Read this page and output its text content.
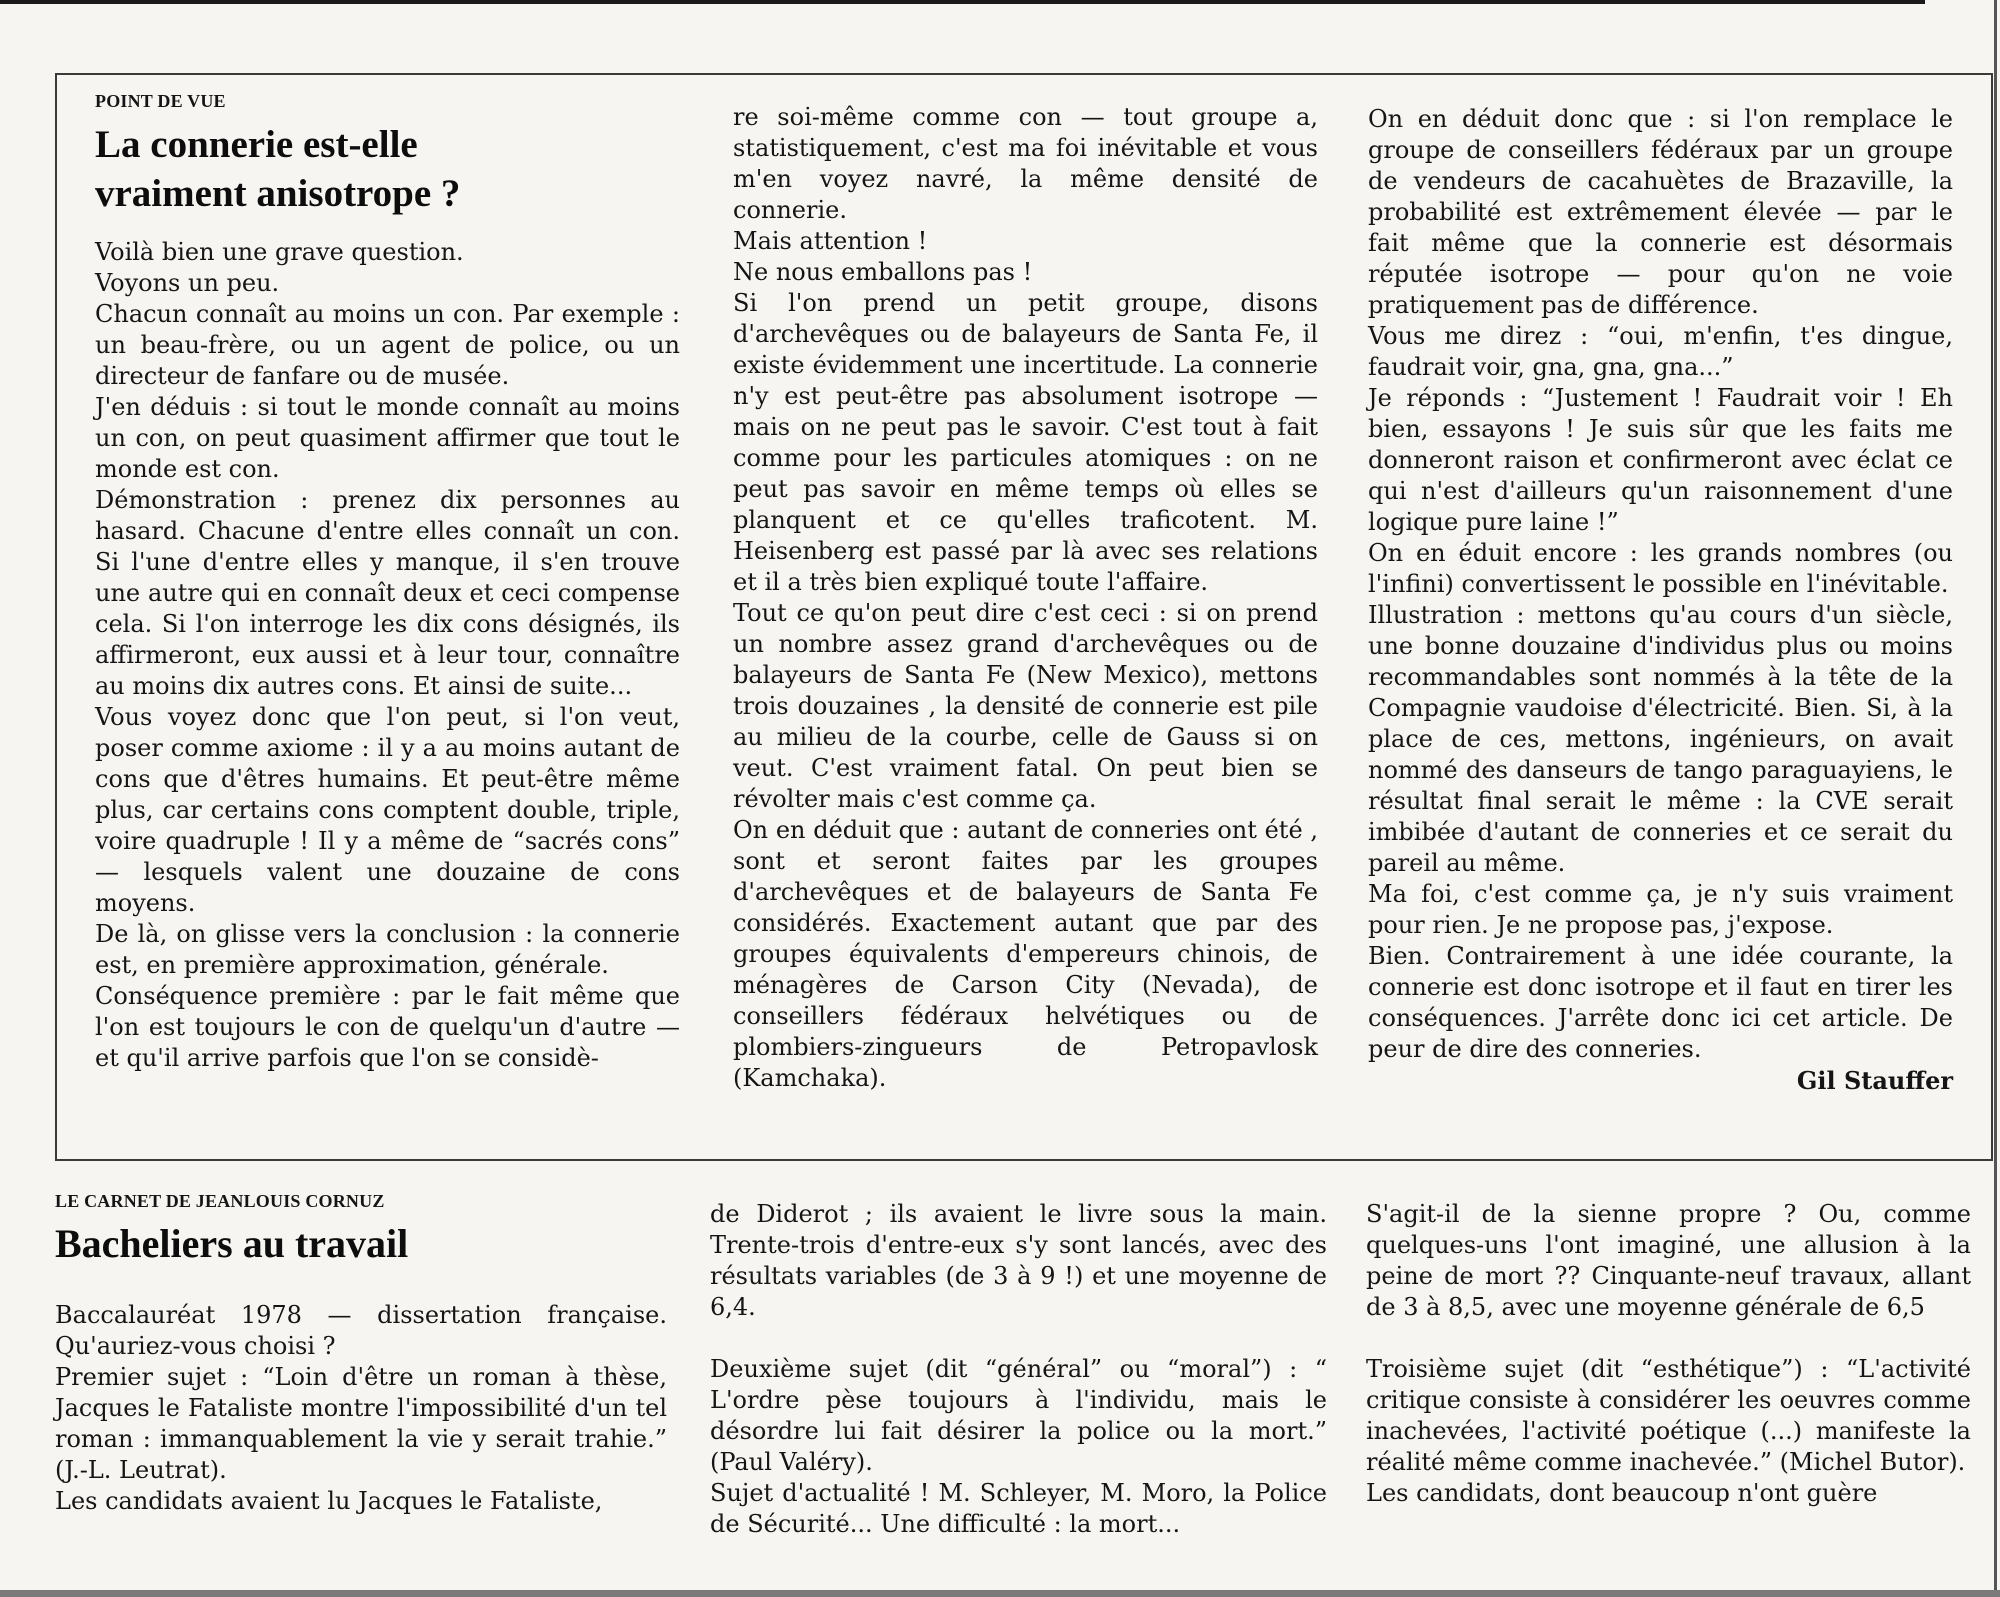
POINT DE VUE

La connerie est-elle
vraiment anisotrope ?

Voilà bien une grave question.

Voyons un peu.

Chacun connaît au moins un con. Par exemple : un beau-frère, ou un agent de police, ou un directeur de fanfare ou de musée.

J'en déduis : si tout le monde connaît au moins un con, on peut quasiment affirmer que tout le monde est con.

Démonstration : prenez dix personnes au hasard. Chacune d'entre elles connaît un con. Si l'une d'entre elles y manque, il s'en trouve une autre qui en connaît deux et ceci compense cela. Si l'on interroge les dix cons désignés, ils affirmeront, eux aussi et à leur tour, connaître au moins dix autres cons. Et ainsi de suite...

Vous voyez donc que l'on peut, si l'on veut, poser comme axiome : il y a au moins autant de cons que d'êtres humains. Et peut-être même plus, car certains cons comptent double, triple, voire quadruple ! Il y a même de “sacrés cons” — lesquels valent une douzaine de cons moyens.

De là, on glisse vers la conclusion : la connerie est, en première approximation, générale.

Conséquence première : par le fait même que l'on est toujours le con de quelqu'un d'autre — et qu'il arrive parfois que l'on se considè-

re soi-même comme con — tout groupe a, statistiquement, c'est ma foi inévitable et vous m'en voyez navré, la même densité de connerie.

Mais attention !

Ne nous emballons pas !

Si l'on prend un petit groupe, disons d'archevêques ou de balayeurs de Santa Fe, il existe évidemment une incertitude. La connerie n'y est peut-être pas absolument isotrope — mais on ne peut pas le savoir. C'est tout à fait comme pour les particules atomiques : on ne peut pas savoir en même temps où elles se planquent et ce qu'elles traficotent. M. Heisenberg est passé par là avec ses relations et il a très bien expliqué toute l'affaire.

Tout ce qu'on peut dire c'est ceci : si on prend un nombre assez grand d'archevêques ou de balayeurs de Santa Fe (New Mexico), mettons trois douzaines , la densité de connerie est pile au milieu de la courbe, celle de Gauss si on veut. C'est vraiment fatal. On peut bien se révolter mais c'est comme ça.

On en déduit que : autant de conneries ont été , sont et seront faites par les groupes d'archevêques et de balayeurs de Santa Fe considérés. Exactement autant que par des groupes équivalents d'empereurs chinois, de ménagères de Carson City (Nevada), de conseillers fédéraux helvétiques ou de plombiers-zingueurs de Petropavlosk (Kamchaka).

On en déduit donc que : si l'on remplace le groupe de conseillers fédéraux par un groupe de vendeurs de cacahuètes de Brazaville, la probabilité est extrêmement élevée — par le fait même que la connerie est désormais réputée isotrope — pour qu'on ne voie pratiquement pas de différence.

Vous me direz : “oui, m'enfin, t'es dingue, faudrait voir, gna, gna, gna...”

Je réponds : “Justement ! Faudrait voir ! Eh bien, essayons ! Je suis sûr que les faits me donneront raison et confirmeront avec éclat ce qui n'est d'ailleurs qu'un raisonnement d'une logique pure laine !”

On en éduit encore : les grands nombres (ou l'infini) convertissent le possible en l'inévitable.

Illustration : mettons qu'au cours d'un siècle, une bonne douzaine d'individus plus ou moins recommandables sont nommés à la tête de la Compagnie vaudoise d'électricité. Bien. Si, à la place de ces, mettons, ingénieurs, on avait nommé des danseurs de tango paraguayiens, le résultat final serait le même : la CVE serait imbibée d'autant de conneries et ce serait du pareil au même.

Ma foi, c'est comme ça, je n'y suis vraiment pour rien. Je ne propose pas, j'expose.

Bien. Contrairement à une idée courante, la connerie est donc isotrope et il faut en tirer les conséquences. J'arrête donc ici cet article. De peur de dire des conneries.

Gil Stauffer

LE CARNET DE JEANLOUIS CORNUZ

Bacheliers au travail

Baccalauréat 1978 — dissertation française. Qu'auriez-vous choisi ?

Premier sujet : “Loin d'être un roman à thèse, Jacques le Fataliste montre l'impossibilité d'un tel roman : immanquablement la vie y serait trahie.” (J.-L. Leutrat).

Les candidats avaient lu Jacques le Fataliste,

de Diderot ; ils avaient le livre sous la main. Trente-trois d'entre-eux s'y sont lancés, avec des résultats variables (de 3 à 9 !) et une moyenne de 6,4.

Deuxième sujet (dit “général” ou “moral”) : “ L'ordre pèse toujours à l'individu, mais le désordre lui fait désirer la police ou la mort.” (Paul Valéry).

Sujet d'actualité ! M. Schleyer, M. Moro, la Police de Sécurité... Une difficulté : la mort...

S'agit-il de la sienne propre ? Ou, comme quelques-uns l'ont imaginé, une allusion à la peine de mort ?? Cinquante-neuf travaux, allant de 3 à 8,5, avec une moyenne générale de 6,5

Troisième sujet (dit “esthétique”) : “L'activité critique consiste à considérer les oeuvres comme inachevées, l'activité poétique (...) manifeste la réalité même comme inachevée.” (Michel Butor).

Les candidats, dont beaucoup n'ont guère
